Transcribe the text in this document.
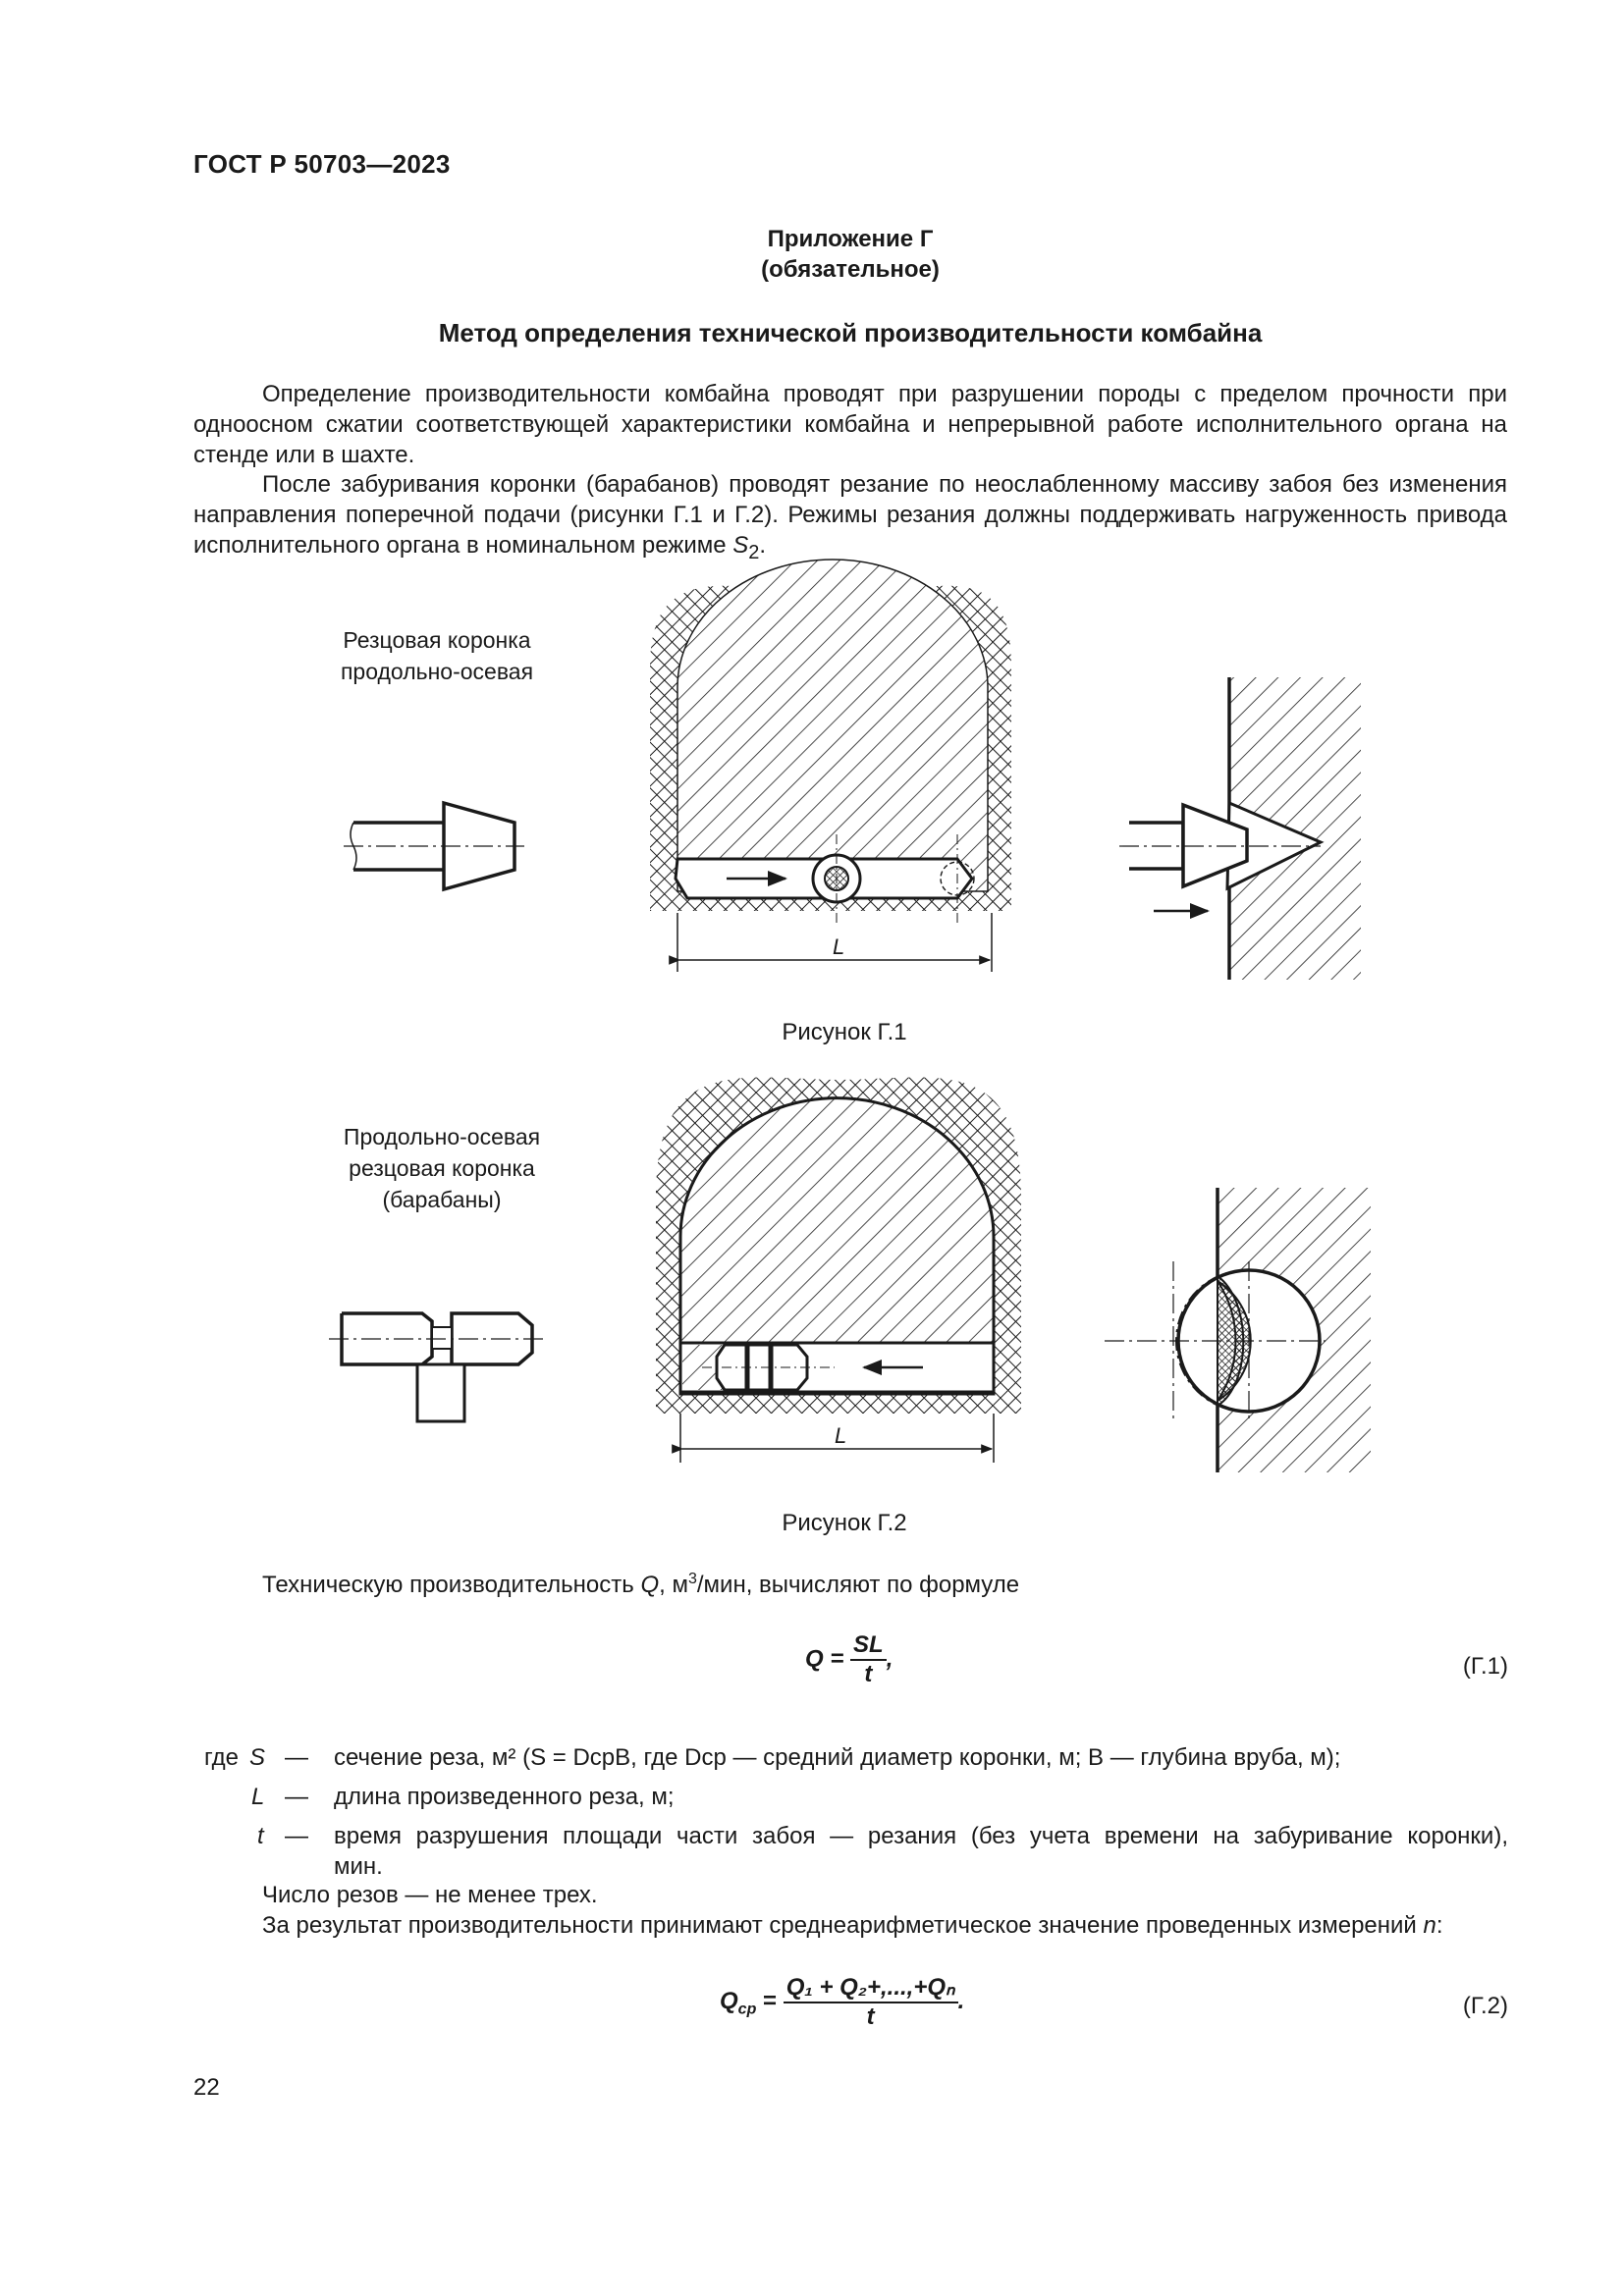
ГОСТ Р 50703—2023
Приложение Г
(обязательное)
Метод определения технической производительности комбайна
Определение производительности комбайна проводят при разрушении породы с пределом прочности при одноосном сжатии соответствующей характеристики комбайна и непрерывной работе исполнительного органа на стенде или в шахте.
После забуривания коронки (барабанов) проводят резание по неослабленному массиву забоя без изменения направления поперечной подачи (рисунки Г.1 и Г.2). Режимы резания должны поддерживать нагруженность привода исполнительного органа в номинальном режиме $S_2$.
Резцовая коронка
продольно-осевая
L
L
Рисунок Г.1
Продольно-осевая
резцовая коронка
(барабаны)
Рисунок Г.2
Техническую производительность Q, $м^3$/мин, вычисляют по формуле
$Q = \frac{SL}{t}$ ,	(Г.1)
где S — сечение реза, м² (S = DсрB, где Dср — средний диаметр коронки, м; B — глубина вруба, м);
L — длина произведенного реза, м;
t — время разрушения площади части забоя — резания (без учета времени на забуривание коронки),
мин.
Число резов — не менее трех.
За результат производительности принимают среднеарифметическое значение проведенных измерений n:
$Q_{ср} = \frac{\text{Q₁ + Q₂+,...,+Qₙ}}{t}$ .	(Г.2)
22
